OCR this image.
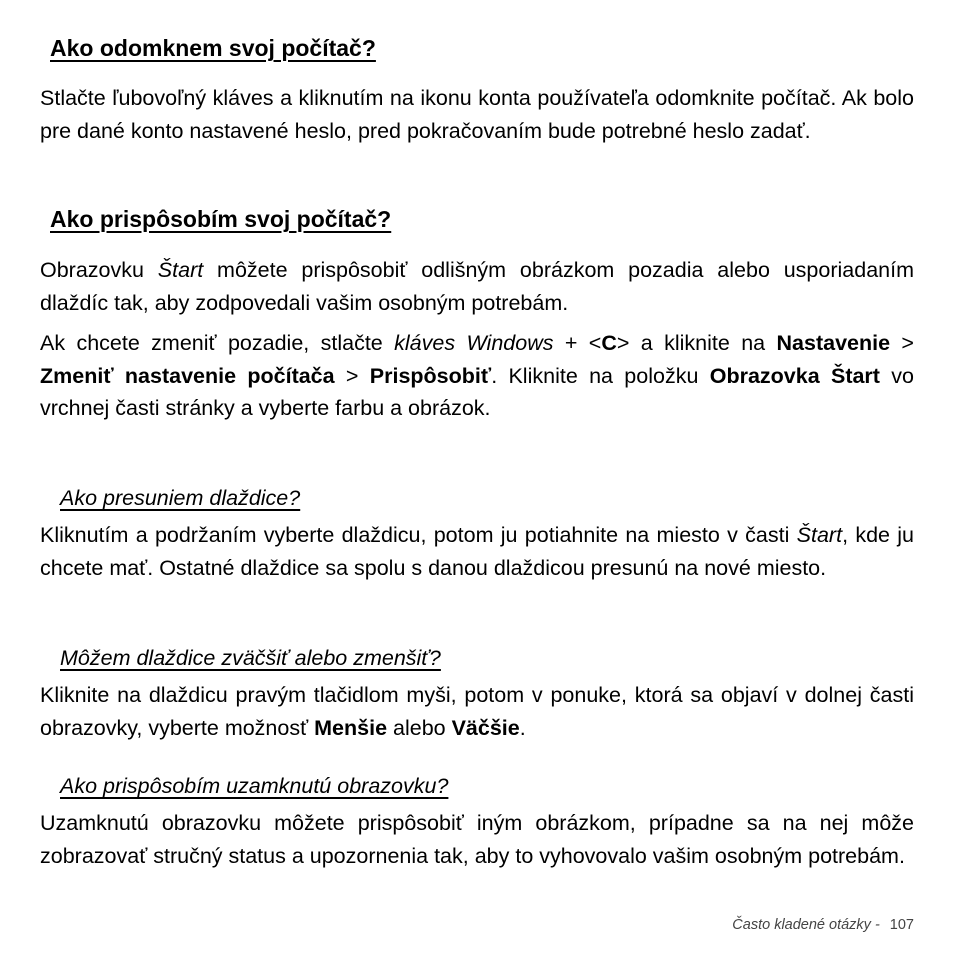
Ako odomknem svoj počítač?

Stlačte ľubovoľný kláves a kliknutím na ikonu konta používateľa odomknite počítač. Ak bolo pre dané konto nastavené heslo, pred pokračovaním bude potrebné heslo zadať.

Ako prispôsobím svoj počítač?

Obrazovku Štart môžete prispôsobiť odlišným obrázkom pozadia alebo usporiadaním dlaždíc tak, aby zodpovedali vašim osobným potrebám.

Ak chcete zmeniť pozadie, stlačte kláves Windows + <C> a kliknite na Nastavenie > Zmeniť nastavenie počítača > Prispôsobiť. Kliknite na položku Obrazovka Štart vo vrchnej časti stránky a vyberte farbu a obrázok.

Ako presuniem dlaždice?

Kliknutím a podržaním vyberte dlaždicu, potom ju potiahnite na miesto v časti Štart, kde ju chcete mať. Ostatné dlaždice sa spolu s danou dlaždicou presunú na nové miesto.

Môžem dlaždice zväčšiť alebo zmenšiť?

Kliknite na dlaždicu pravým tlačidlom myši, potom v ponuke, ktorá sa objaví v dolnej časti obrazovky, vyberte možnosť Menšie alebo Väčšie.

Ako prispôsobím uzamknutú obrazovku?

Uzamknutú obrazovku môžete prispôsobiť iným obrázkom, prípadne sa na nej môže zobrazovať stručný status a upozornenia tak, aby to vyhovovalo vašim osobným potrebám.

Často kladené otázky - 107
